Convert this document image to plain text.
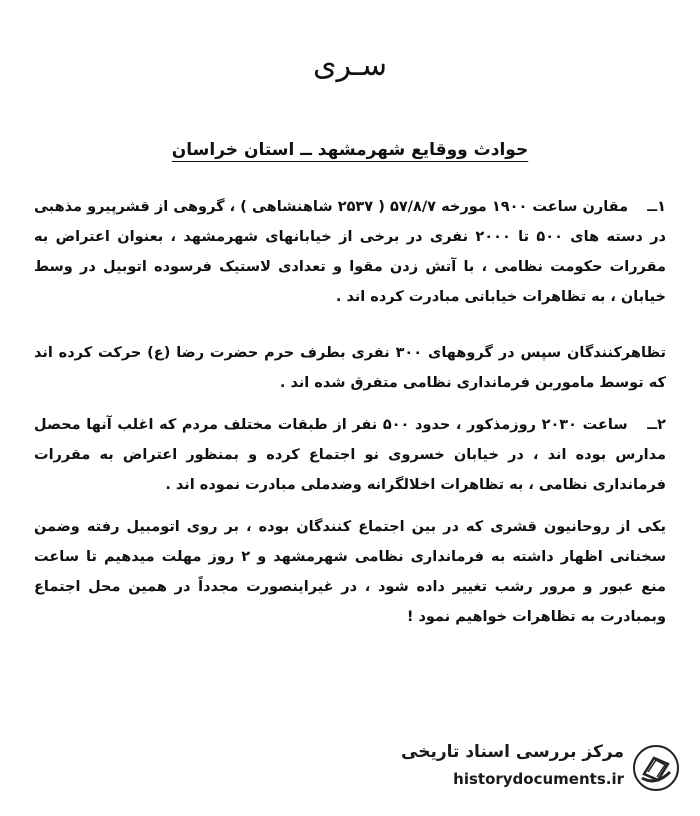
سـری
حوادث ووقایع شهرمشهد ــ استان خراسان
۱ــ مقارن ساعت ۱۹۰۰ مورخه ۵۷/۸/۷ ( ۲۵۳۷ شاهنشاهی ) ، گروهی از قشرپیرو مذهبی در دسته های ۵۰۰ تا ۲۰۰۰ نفری در برخی از خیابانهای شهرمشهد ، بعنوان اعتراض به مقررات حکومت نظامی ، با آتش زدن مقوا و تعدادی لاستیک فرسوده اتوبیل در وسط خیابان ، به تظاهرات خیابانی مبادرت کرده اند .
تظاهرکنندگان سپس در گروههای ۳۰۰ نفری بطرف حرم حضرت رضا (ع) حرکت کرده اند که توسط ماموربن فرمانداری نظامی متفرق شده اند .
۲ــ ساعت ۲۰۳۰ روزمذکور ، حدود ۵۰۰ نفر از طبقات مختلف مردم که اغلب آنها محصل مدارس بوده اند ، در خیابان خسروی نو اجتماع کرده و بمنظور اعتراض به مقررات فرمانداری نظامی ، به تظاهرات اخلالگرانه وضدملی مبادرت نموده اند .
یکی از روحانیون قشری که در بین اجتماع کنندگان بوده ، بر روی اتومبیل رفته وضمن سخنانی اظهار داشته به فرمانداری نظامی شهرمشهد و ۲ روز مهلت میدهیم تا ساعت منع عبور و مرور رشب تغییر داده شود ، در غیراینصورت مجدداً در همین محل اجتماع وبمبادرت به تظاهرات خواهیم نمود !
مرکز بررسی اسناد تاریخی
historydocuments.ir
